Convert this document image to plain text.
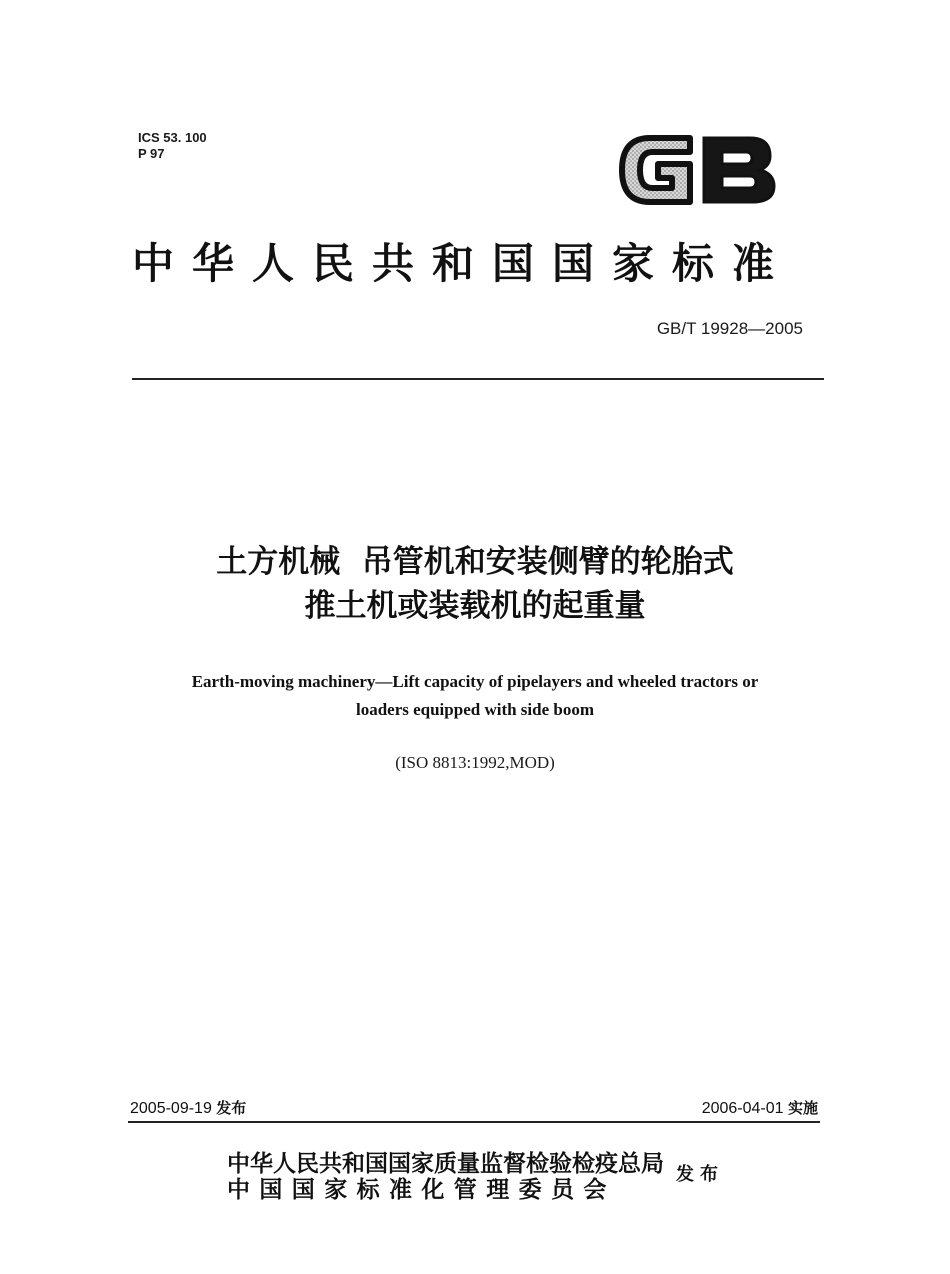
ICS 53. 100
P 97
中华人民共和国国家标准
GB/T 19928—2005
土方机械  吊管机和安装侧臂的轮胎式
推土机或装载机的起重量
Earth-moving machinery—Lift capacity of pipelayers and wheeled tractors or
loaders equipped with side boom
(ISO 8813:1992,MOD)
2005-09-19 发布	2006-04-01 实施
中华人民共和国国家质量监督检验检疫总局
中国国家标准化管理委员会
发布
